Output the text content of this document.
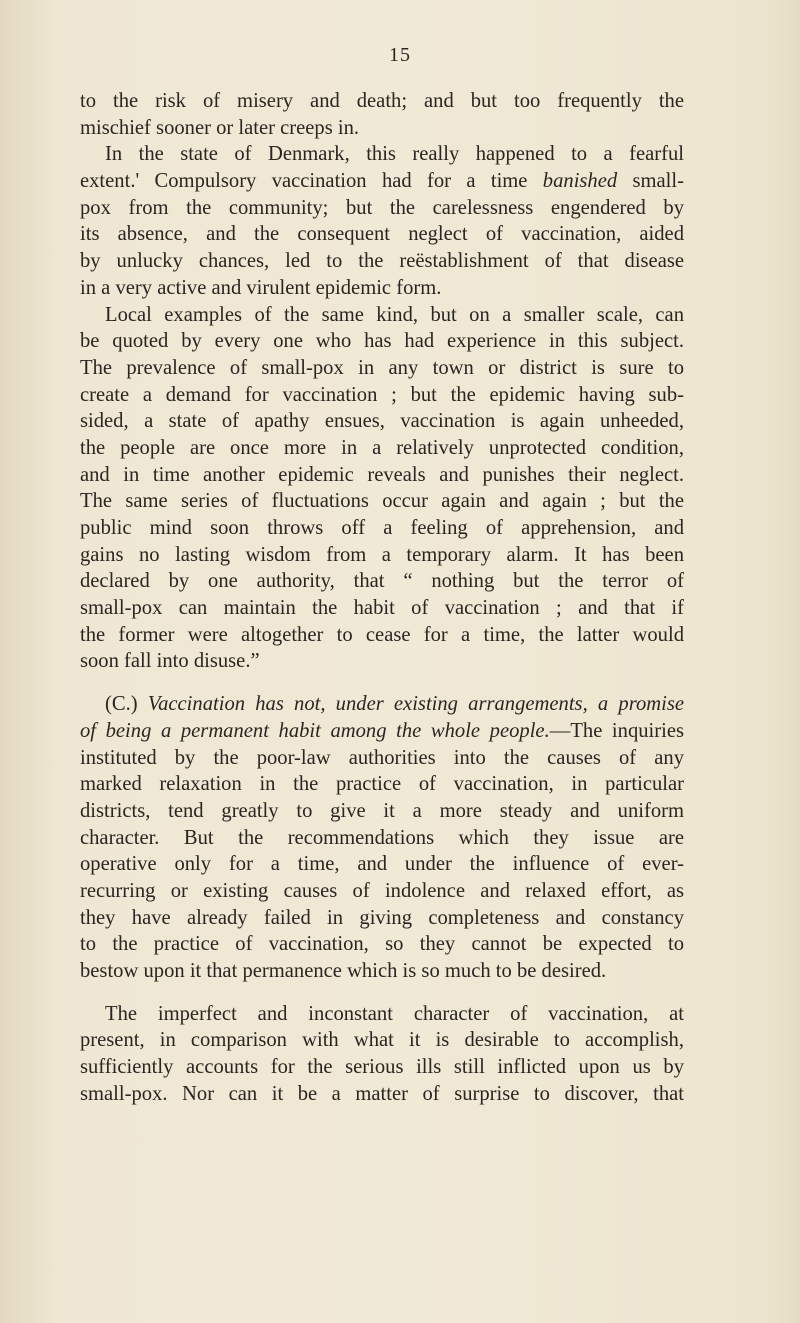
15
to the risk of misery and death; and but too frequently the
mischief sooner or later creeps in.
In the state of Denmark, this really happened to a fearful
extent.' Compulsory vaccination had for a time banished small-
pox from the community; but the carelessness engendered by
its absence, and the consequent neglect of vaccination, aided
by unlucky chances, led to the reëstablishment of that disease
in a very active and virulent epidemic form.
Local examples of the same kind, but on a smaller scale, can
be quoted by every one who has had experience in this subject.
The prevalence of small-pox in any town or district is sure to
create a demand for vaccination ; but the epidemic having sub-
sided, a state of apathy ensues, vaccination is again unheeded,
the people are once more in a relatively unprotected condition,
and in time another epidemic reveals and punishes their neglect.
The same series of fluctuations occur again and again ; but the
public mind soon throws off a feeling of apprehension, and
gains no lasting wisdom from a temporary alarm. It has been
declared by one authority, that “ nothing but the terror of
small-pox can maintain the habit of vaccination ; and that if
the former were altogether to cease for a time, the latter would
soon fall into disuse.”
(C.) Vaccination has not, under existing arrangements, a promise
of being a permanent habit among the whole people.—The inquiries
instituted by the poor-law authorities into the causes of any
marked relaxation in the practice of vaccination, in particular
districts, tend greatly to give it a more steady and uniform
character. But the recommendations which they issue are
operative only for a time, and under the influence of ever-
recurring or existing causes of indolence and relaxed effort, as
they have already failed in giving completeness and constancy
to the practice of vaccination, so they cannot be expected to
bestow upon it that permanence which is so much to be desired.
The imperfect and inconstant character of vaccination, at
present, in comparison with what it is desirable to accomplish,
sufficiently accounts for the serious ills still inflicted upon us by
small-pox. Nor can it be a matter of surprise to discover, that
